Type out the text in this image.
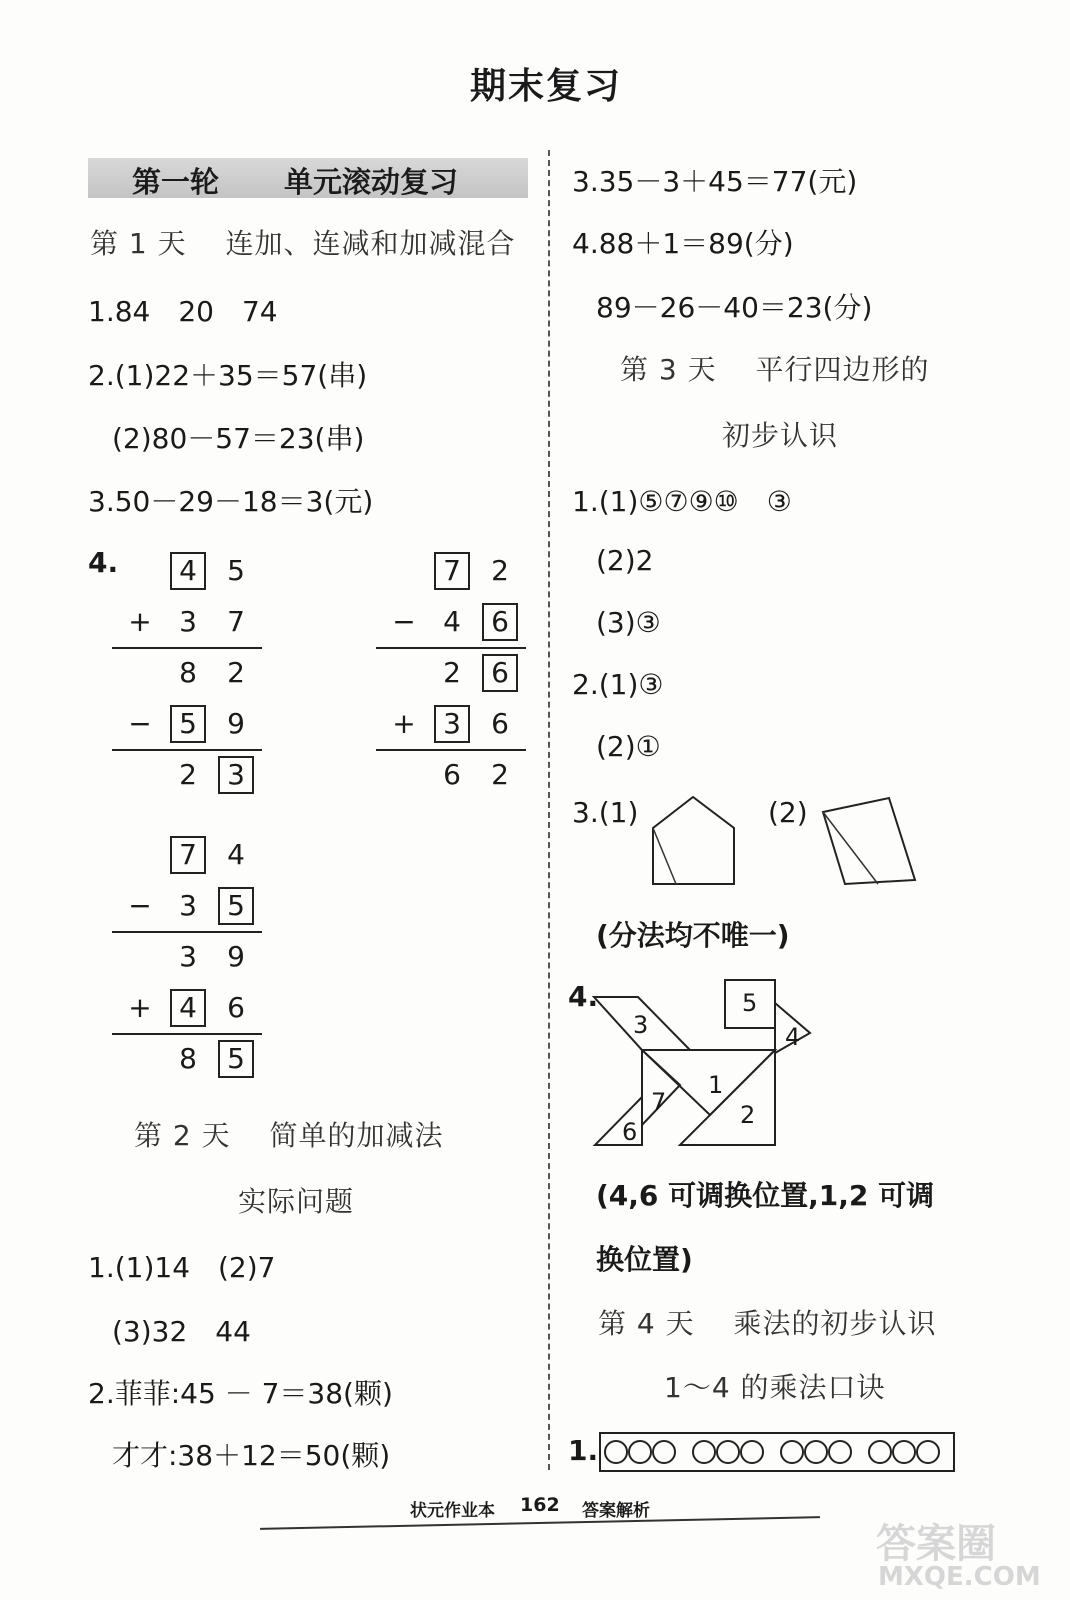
期末复习
第一轮 单元滚动复习
第 1 天　 连加、连减和加减混合
1.84　20　74
2.(1)22＋35＝57(串)
(2)80－57＝23(串)
3.50－29－18＝3(元)
4.	4	5
+ 3	7
8	2
− 5	9
2	3
7	2
− 4	6
2	6
+ 3	6
6	2
7	4
− 3	5
3	9
+ 4	6
8	5
第 2 天　 简单的加减法
实际问题
1.(1)14　(2)7
(3)32　44
2.菲菲:45 － 7＝38(颗)
才才:38＋12＝50(颗)
3.35－3＋45＝77(元)
4.88＋1＝89(分)
89－26－40＝23(分)
第 3 天　 平行四边形的
初步认识
1.(1)⑤⑦⑨⑩　③
(2)2
(3)③
2.(1)③
(2)①
3.(1)	(2)
(分法均不唯一)
4.
1
2
3	4
5
6
7
(4,6 可调换位置,1,2 可调
换位置)
第 4 天　 乘法的初步认识
1～4 的乘法口诀
1.
状元作业本 162 答案解析
答案圈
MXQE.COM
